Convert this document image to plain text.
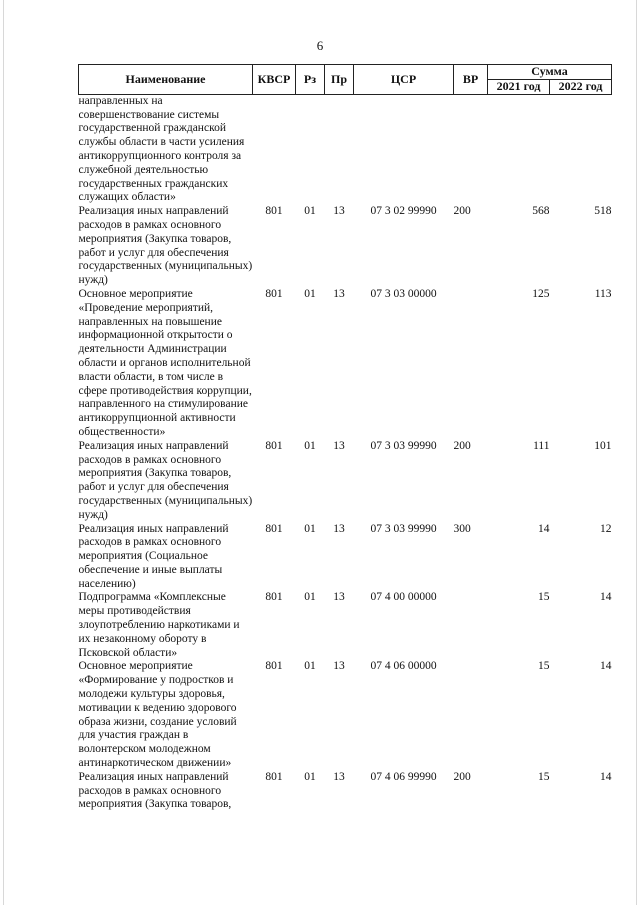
6
Наименование	КВСР	Рз	Пр	ЦСР	ВР	Сумма	
						2021 год	2022 год
направленных на совершенствование системы государственной гражданской службы области в части усиления антикоррупционного контроля за служебной деятельностью государственных гражданских служащих области»							
Реализация иных направлений расходов в рамках основного мероприятия (Закупка товаров, работ и услуг для обеспечения государственных (муниципальных) нужд)	801	01	13	07 3 02 99990	200	568	518
Основное мероприятие «Проведение мероприятий, направленных на повышение информационной открытости о деятельности Администрации области и органов исполнительной власти области, в том числе в сфере противодействия коррупции, направленного на стимулирование антикоррупционной активности общественности»	801	01	13	07 3 03 00000		125	113
Реализация иных направлений расходов в рамках основного мероприятия (Закупка товаров, работ и услуг для обеспечения государственных (муниципальных) нужд)	801	01	13	07 3 03 99990	200	111	101
Реализация иных направлений расходов в рамках основного мероприятия (Социальное обеспечение и иные выплаты населению)	801	01	13	07 3 03 99990	300	14	12
Подпрограмма «Комплексные меры противодействия злоупотреблению наркотиками и их незаконному обороту в Псковской области»	801	01	13	07 4 00 00000		15	14
Основное мероприятие «Формирование у подростков и молодежи культуры здоровья, мотивации к ведению здорового образа жизни, создание условий для участия граждан в волонтерском молодежном антинаркотическом движении»	801	01	13	07 4 06 00000		15	14
Реализация иных направлений расходов в рамках основного мероприятия (Закупка товаров,	801	01	13	07 4 06 99990	200	15	14
